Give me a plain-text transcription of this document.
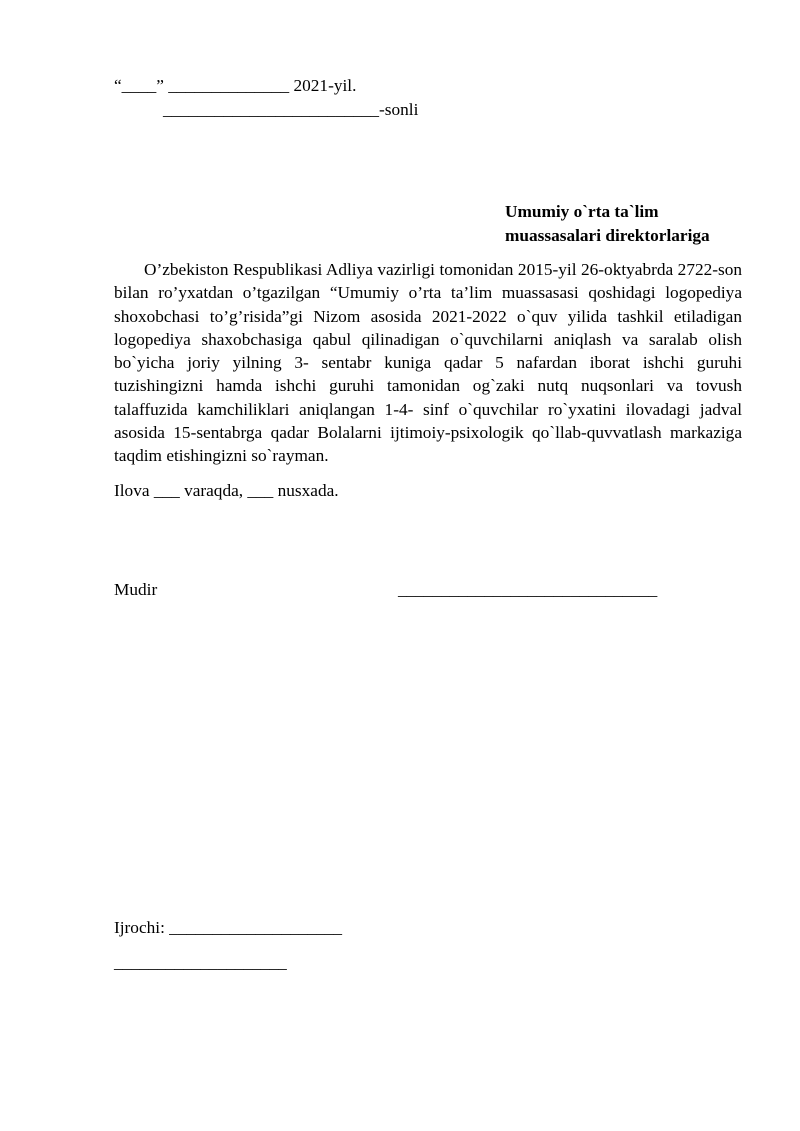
“____” ______________ 2021-yil.
_________________________-sonli
Umumiy o`rta ta`lim
muassasalari direktorlariga

O’zbekiston Respublikasi Adliya vazirligi tomonidan 2015-yil 26-oktyabrda 2722-son bilan ro’yxatdan o’tgazilgan “Umumiy o’rta ta’lim muassasasi qoshidagi logopediya shoxobchasi to’g’risida”gi Nizom asosida 2021-2022 o`quv yilida tashkil etiladigan logopediya shaxobchasiga qabul qilinadigan o`quvchilarni aniqlash va saralab olish bo`yicha joriy yilning 3- sentabr kuniga qadar 5 nafardan iborat ishchi guruhi tuzishingizni hamda ishchi guruhi tamonidan og`zaki nutq nuqsonlari va tovush talaffuzida kamchiliklari aniqlangan 1-4- sinf o`quvchilar ro`yxatini ilovadagi jadval asosida 15-sentabrga qadar Bolalarni ijtimoiy-psixologik qo`llab-quvvatlash markaziga taqdim etishingizni so`rayman.

Ilova ___ varaqda, ___ nusxada.
Mudir	______________________________
Ijrochi: ____________________
____________________
